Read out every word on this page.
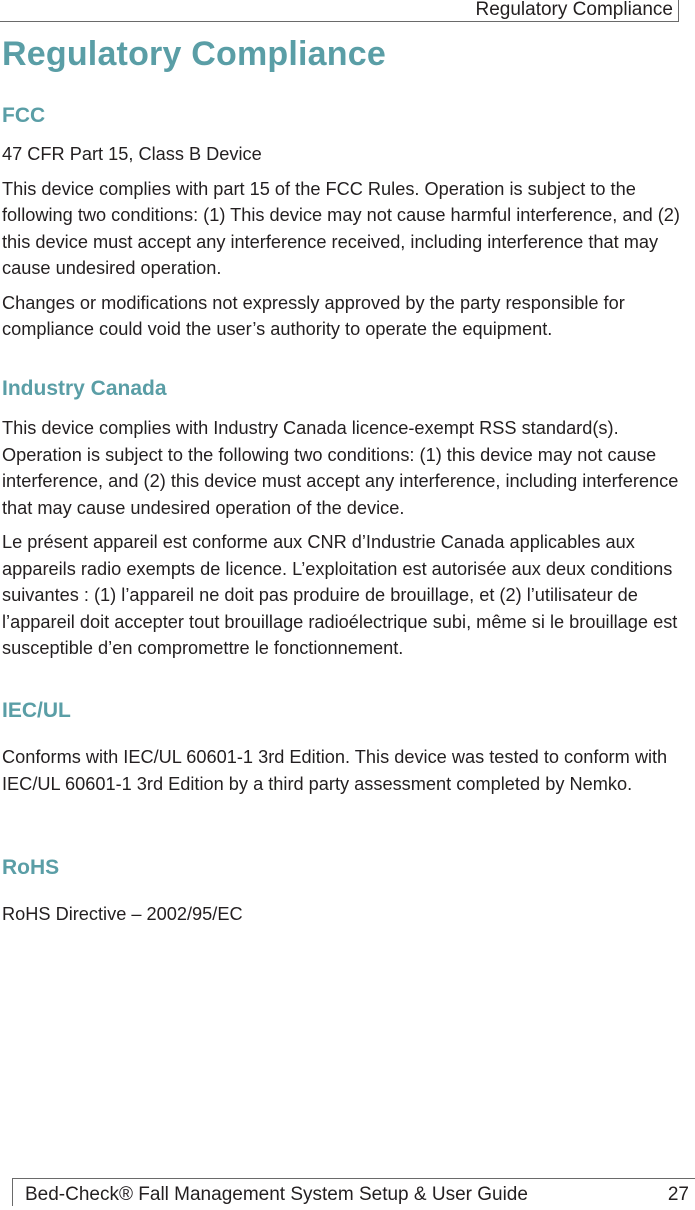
Regulatory Compliance
Regulatory Compliance
FCC

47 CFR Part 15, Class B Device

This device complies with part 15 of the FCC Rules. Operation is subject to the following two conditions: (1) This device may not cause harmful interference, and (2) this device must accept any interference received, including interference that may cause undesired operation.

Changes or modifications not expressly approved by the party responsible for compliance could void the user’s authority to operate the equipment.

Industry Canada

This device complies with Industry Canada licence-exempt RSS standard(s). Operation is subject to the following two conditions: (1) this device may not cause interference, and (2) this device must accept any interference, including interference that may cause undesired operation of the device.

Le présent appareil est conforme aux CNR d’Industrie Canada applicables aux appareils radio exempts de licence. L’exploitation est autorisée aux deux conditions suivantes : (1) l’appareil ne doit pas produire de brouillage, et (2) l’utilisateur de l’appareil doit accepter tout brouillage radioélectrique subi, même si le brouillage est susceptible d’en compromettre le fonctionnement.

IEC/UL

Conforms with IEC/UL 60601-1 3rd Edition. This device was tested to conform with IEC/UL 60601-1 3rd Edition by a third party assessment completed by Nemko.

RoHS

RoHS Directive – 2002/95/EC

Bed-Check® Fall Management System Setup & User Guide	27
